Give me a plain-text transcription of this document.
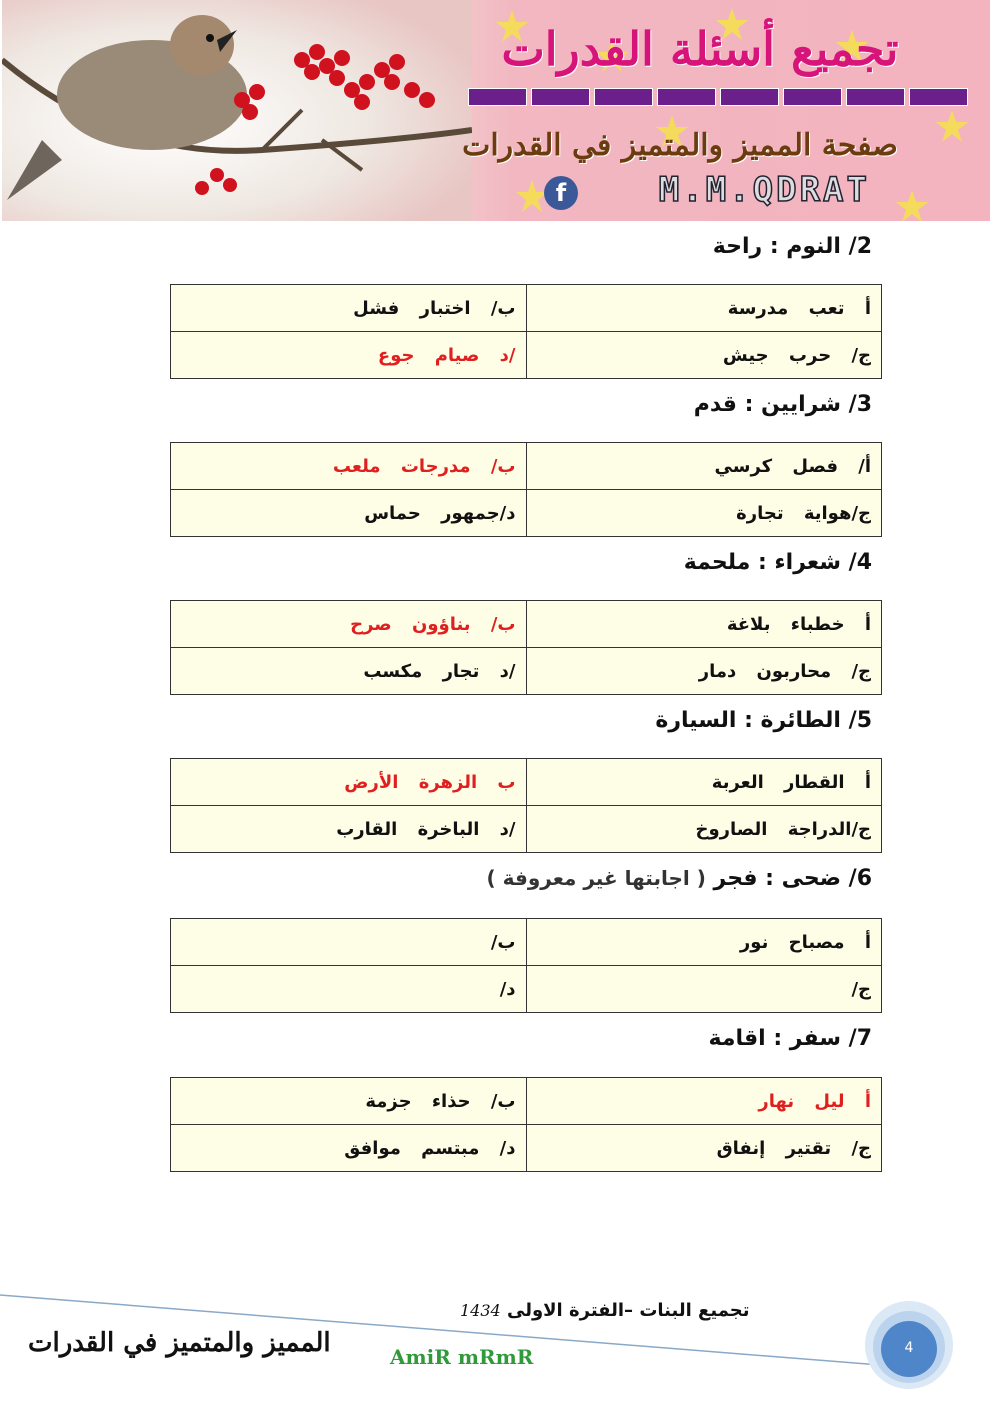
تجميع أسئلة القدرات
صفحة المميز والمتميز في القدرات
f	M.M.QDRAT
2/ النوم : راحة
أ تعب مدرسة	ب/ اختبار فشل
ج/ حرب جيش	/د صيام جوع
3/ شرايين : قدم
أ/ فصل كرسي	ب/ مدرجات ملعب
ج/هواية تجارة	د/جمهور حماس
4/ شعراء : ملحمة
أ خطباء بلاغة	ب/ بناؤون صرح
ج/ محاربون دمار	/د تجار مكسب
5/ الطائرة : السيارة
أ القطار العربة	ب الزهرة الأرض
ج/الدراجة الصاروخ	/د الباخرة القارب
6/ ضحى : فجر ( اجابتها غير معروفة )
أ مصباح نور	ب/
ج/	د/
7/ سفر : اقامة
أ ليل نهار	ب/ حذاء جزمة
ج/ تقتير إنفاق	د/ مبتسم موافق
تجميع البنات –الفترة الاولى 1434
المميز والمتميز في القدرات	AmiR mRmR	4
